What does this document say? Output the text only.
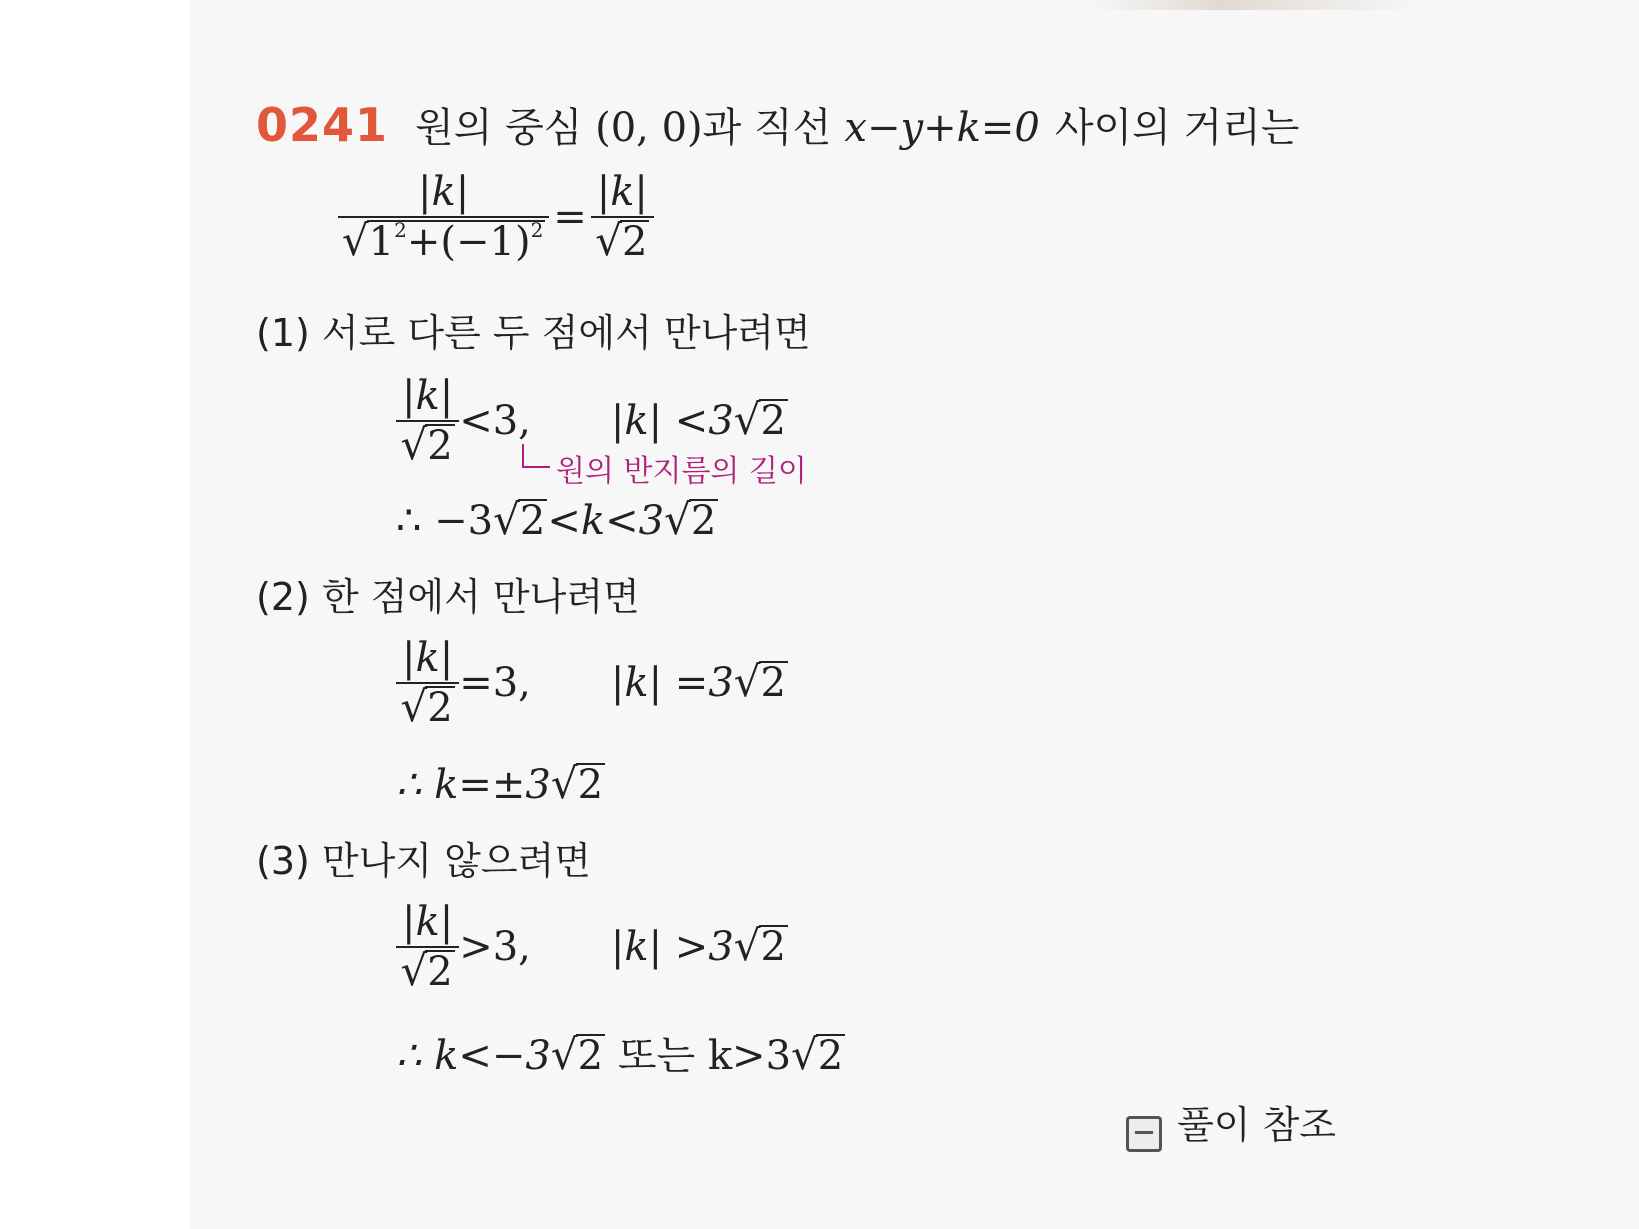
0241 원의 중심 (0, 0)과 직선 x−y+k=0 사이의 거리는
$\frac{|k|}{√ 1^2+(-1)^2} = \frac{|k|}{√ 2}$
(1) 서로 다른 두 점에서 만나려면
$\frac{|k|}{√ 2} <3$, |k| <3 √ 2
원의 반지름의 길이
∴ −3 √ 2 <k<3 √ 2
(2) 한 점에서 만나려면
$\frac{|k|}{√ 2} =3$, |k| =3 √ 2
∴ k=±3 √ 2
(3) 만나지 않으려면
$\frac{|k|}{√ 2} >3$, |k| >3 √ 2
∴ k<−3 √ 2 또는 k>3 √ 2
풀이 참조
